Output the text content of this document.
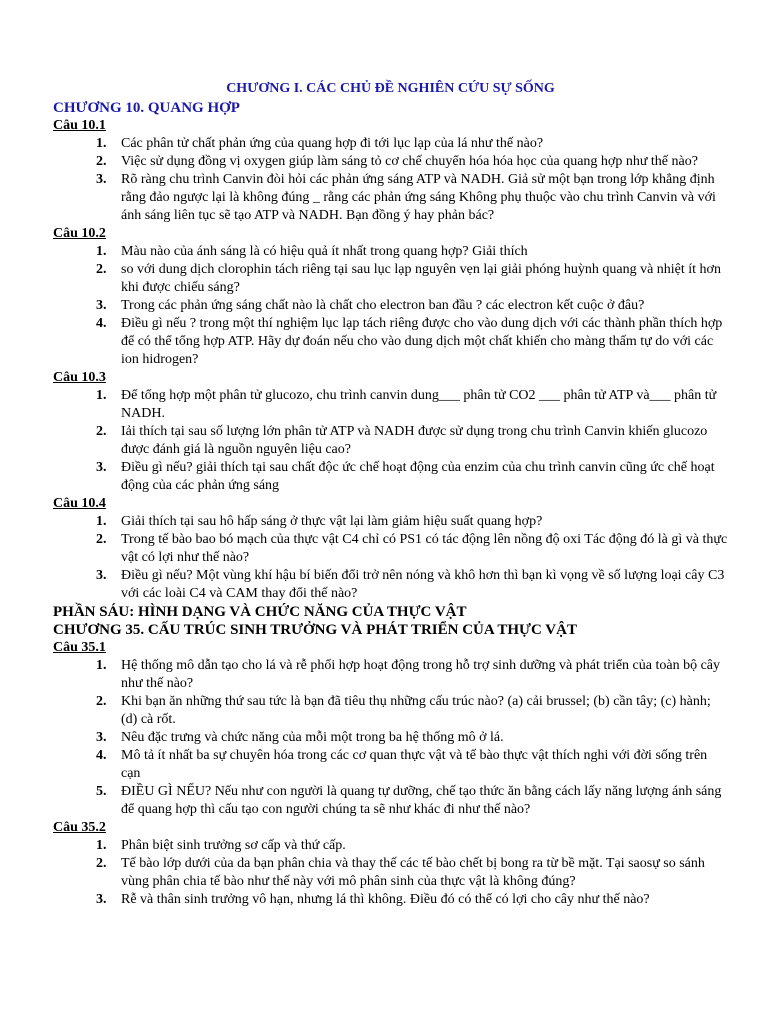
CHƯƠNG I. CÁC CHỦ ĐỀ NGHIÊN CỨU SỰ SỐNG
CHƯƠNG 10. QUANG HỢP
Câu 10.1
1. Các phân tử chất phản ứng của quang hợp đi tới lục lạp của lá như thế nào?
2. Việc sử dụng đồng vị oxygen giúp làm sáng tỏ cơ chế chuyển hóa hóa học của quang hợp như thế nào?
3. Rõ ràng chu trình Canvin đòi hỏi các phản ứng sáng ATP và NADH. Giả sử một bạn trong lớp khẳng định rằng đảo ngược lại là không đúng _ rằng các phản ứng sáng Không phụ thuộc vào chu trình Canvin và với ánh sáng liên tục sẽ tạo ATP và NADH. Bạn đồng ý hay phản bác?
Câu 10.2
1. Màu nào của ánh sáng là có hiệu quả ít nhất trong quang hợp? Giải thích
2. so với dung dịch clorophin tách riêng tại sau lục lạp nguyên vẹn lại giải phóng huỳnh quang và nhiệt ít hơn khi được chiếu sáng?
3. Trong các phản ứng sáng chất nào là chất cho electron ban đầu ? các electron kết cuộc ở đâu?
4. Điều gì nếu ? trong một thí nghiệm lục lạp tách riêng được cho vào dung dịch với các thành phần thích hợp để có thể tổng hợp ATP. Hãy dự đoán nếu cho vào dung dịch một chất khiến cho màng thấm tự do với các ion hidrogen?
Câu 10.3
1. Để tổng hợp một phân tử glucozo, chu trình canvin dung___ phân tử CO2 ___ phân tử ATP và___ phân tử NADH.
2. Iải thích tại sau số lượng lớn phân tử ATP và NADH được sử dụng trong chu trình Canvin khiến glucozo được đánh giá là nguồn nguyên liệu cao?
3. Điều gì nếu? giải thích tại sau chất độc ức chế hoạt động của enzim của chu trình canvin cũng ức chế hoạt động của các phản ứng sáng
Câu 10.4
1. Giải thích tại sau hô hấp sáng ở thực vật lại làm giảm hiệu suất quang hợp?
2. Trong tế bào bao bó mạch của thực vật C4 chỉ có PS1 có tác động lên nồng độ oxi Tác động đó là gì và thực vật có lợi như thế nào?
3. Điều gì nếu? Một vùng khí hậu bí biến đổi trở nên nóng và khô hơn thì bạn kì vọng về số lượng loại cây C3 với các loài C4 và CAM thay đổi thế nào?
PHẦN SÁU: HÌNH DẠNG VÀ CHỨC NĂNG CỦA THỰC VẬT
CHƯƠNG 35. CẤU TRÚC SINH TRƯỞNG VÀ PHÁT TRIỂN CỦA THỰC VẬT
Câu 35.1
1. Hệ thống mô dẫn tạo cho lá và rễ phối hợp hoạt động trong hỗ trợ sinh dưỡng và phát triển của toàn bộ cây như thế nào?
2. Khi bạn ăn những thứ sau tức là bạn đã tiêu thụ những cấu trúc nào? (a) cải brussel; (b) cần tây; (c) hành; (d) cà rốt.
3. Nêu đặc trưng và chức năng của mỗi một trong ba hệ thống mô ở lá.
4. Mô tả ít nhất ba sự chuyên hóa trong các cơ quan thực vật và tế bào thực vật thích nghi với đời sống trên cạn
5. ĐIỀU GÌ NẾU? Nếu như con người là quang tự dưỡng, chế tạo thức ăn bằng cách lấy năng lượng ánh sáng để quang hợp thì cấu tạo con người chúng ta sẽ như khác đi như thế nào?
Câu 35.2
1. Phân biệt sinh trưởng sơ cấp và thứ cấp.
2. Tế bào lớp dưới của da bạn phân chia và thay thế các tế bào chết bị bong ra từ bề mặt. Tại saosự so sánh vùng phân chia tế bào như thế này với mô phân sinh của thực vật là không đúng?
3. Rễ và thân sinh trưởng vô hạn, nhưng lá thì không. Điều đó có thể có lợi cho cây như thế nào?
